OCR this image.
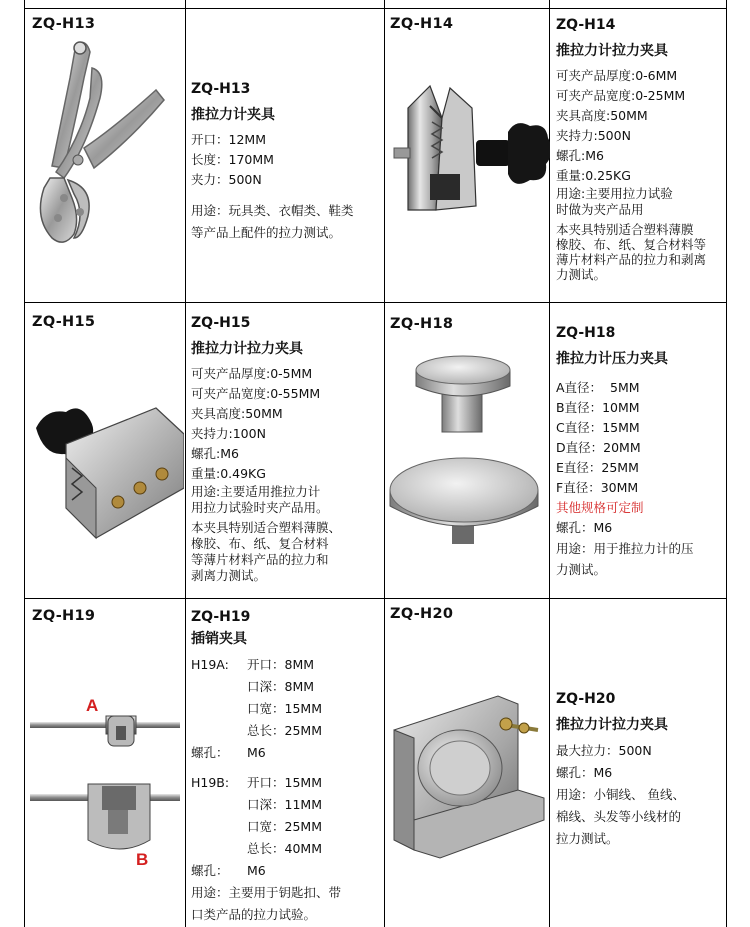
ZQ-H13
ZQ-H13
推拉力计夹具
开口：12MM
长度：170MM
夹力：500N
用途：玩具类、衣帽类、鞋类
等产品上配件的拉力测试。
ZQ-H14	ZQ-H14
推拉力计拉力夹具
可夹产品厚度:0-6MM
可夹产品宽度:0-25MM
夹具高度:50MM
夹持力:500N
螺孔:M6
重量:0.25KG
用途:主要用拉力试验
时做为夹产品用
本夹具特别适合塑料薄膜
橡胶、布、纸、复合材料等
薄片材料产品的拉力和剥离
力测试。
ZQ-H15	ZQ-H15
推拉力计拉力夹具
可夹产品厚度:0-5MM
可夹产品宽度:0-55MM
夹具高度:50MM
夹持力:100N
螺孔:M6
重量:0.49KG
用途:主要适用推拉力计
用拉力试验时夹产品用。
本夹具特别适合塑料薄膜、
橡胶、布、纸、复合材料
等薄片材料产品的拉力和
剥离力测试。
ZQ-H18
ZQ-H18
推拉力计压力夹具
A直径：  5MM
B直径：10MM
C直径：15MM
D直径：20MM
E直径：25MM
F直径：30MM
其他规格可定制
螺孔：M6
用途：用于推拉力计的压
力测试。
ZQ-H19
A
B
ZQ-H19
插销夹具
H19A: 开口：8MM
口深：8MM
口宽：15MM
总长：25MM
螺孔： M6
H19B: 开口：15MM
口深：11MM
口宽：25MM
总长：40MM
螺孔： M6
用途：主要用于钥匙扣、带
口类产品的拉力试验。
ZQ-H20
ZQ-H20
推拉力计拉力夹具
最大拉力：500N
螺孔：M6
用途：小铜线、 鱼线、
棉线、头发等小线材的
拉力测试。
